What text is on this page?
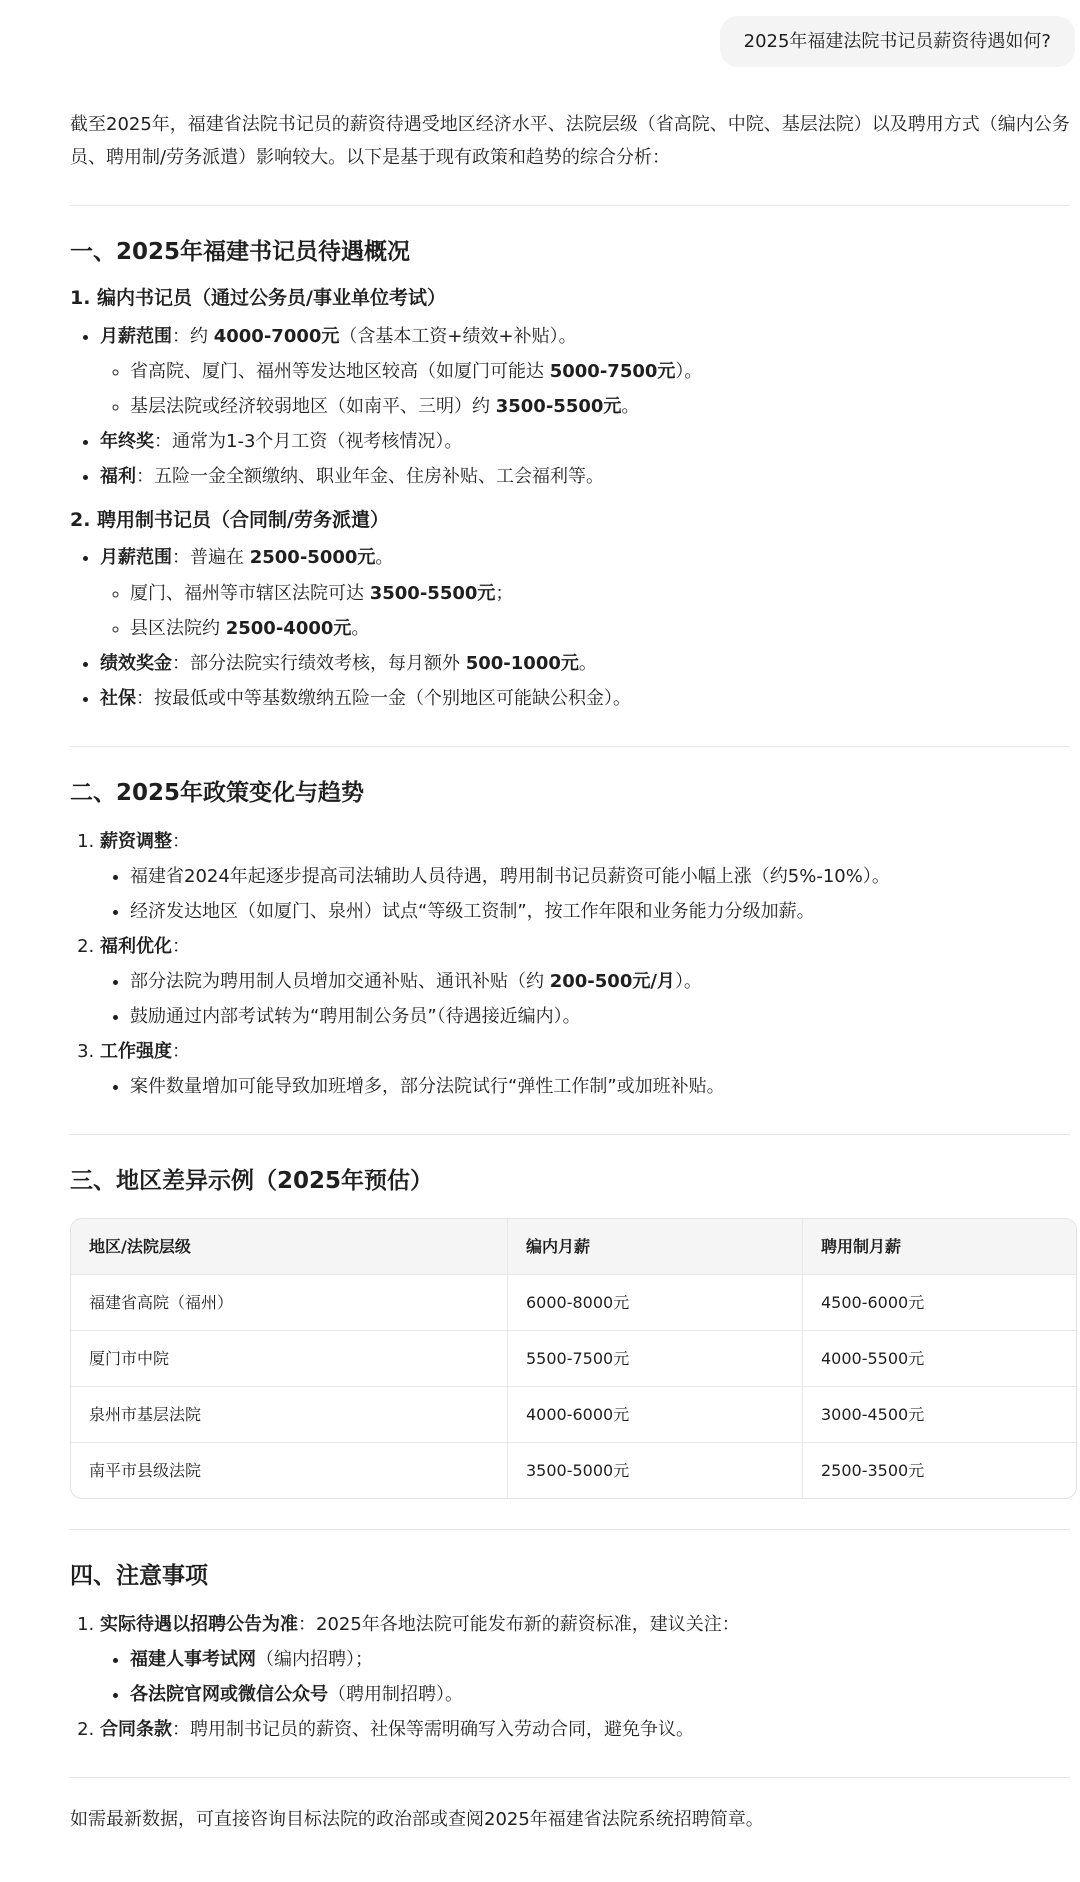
2025年福建法院书记员薪资待遇如何?

截至2025年，福建省法院书记员的薪资待遇受地区经济水平、法院层级（省高院、中院、基层法院）以及聘用方式（编内公务员、聘用制/劳务派遣）影响较大。以下是基于现有政策和趋势的综合分析：

一、2025年福建书记员待遇概况
1. 编内书记员（通过公务员/事业单位考试）
• 月薪范围：约 4000-7000元（含基本工资+绩效+补贴）。
◦ 省高院、厦门、福州等发达地区较高（如厦门可能达 5000-7500元）。
◦ 基层法院或经济较弱地区（如南平、三明）约 3500-5500元。
• 年终奖：通常为1-3个月工资（视考核情况）。
• 福利：五险一金全额缴纳、职业年金、住房补贴、工会福利等。
2. 聘用制书记员（合同制/劳务派遣）
• 月薪范围：普遍在 2500-5000元。
◦ 厦门、福州等市辖区法院可达 3500-5500元；
◦ 县区法院约 2500-4000元。
• 绩效奖金：部分法院实行绩效考核，每月额外 500-1000元。
• 社保：按最低或中等基数缴纳五险一金（个别地区可能缺公积金）。
二、2025年政策变化与趋势
1. 薪资调整：
• 福建省2024年起逐步提高司法辅助人员待遇，聘用制书记员薪资可能小幅上涨（约5%-10%）。
• 经济发达地区（如厦门、泉州）试点“等级工资制”，按工作年限和业务能力分级加薪。
2. 福利优化：
• 部分法院为聘用制人员增加交通补贴、通讯补贴（约 200-500元/月）。
• 鼓励通过内部考试转为“聘用制公务员”（待遇接近编内）。
3. 工作强度：
• 案件数量增加可能导致加班增多，部分法院试行“弹性工作制”或加班补贴。
三、地区差异示例（2025年预估）
地区/法院层级	编内月薪	聘用制月薪
福建省高院（福州）	6000-8000元	4500-6000元
厦门市中院	5500-7500元	4000-5500元
泉州市基层法院	4000-6000元	3000-4500元
南平市县级法院	3500-5000元	2500-3500元
四、注意事项
1. 实际待遇以招聘公告为准：2025年各地法院可能发布新的薪资标准，建议关注：
• 福建人事考试网（编内招聘）；
• 各法院官网或微信公众号（聘用制招聘）。
2. 合同条款：聘用制书记员的薪资、社保等需明确写入劳动合同，避免争议。

如需最新数据，可直接咨询目标法院的政治部或查阅2025年福建省法院系统招聘简章。
